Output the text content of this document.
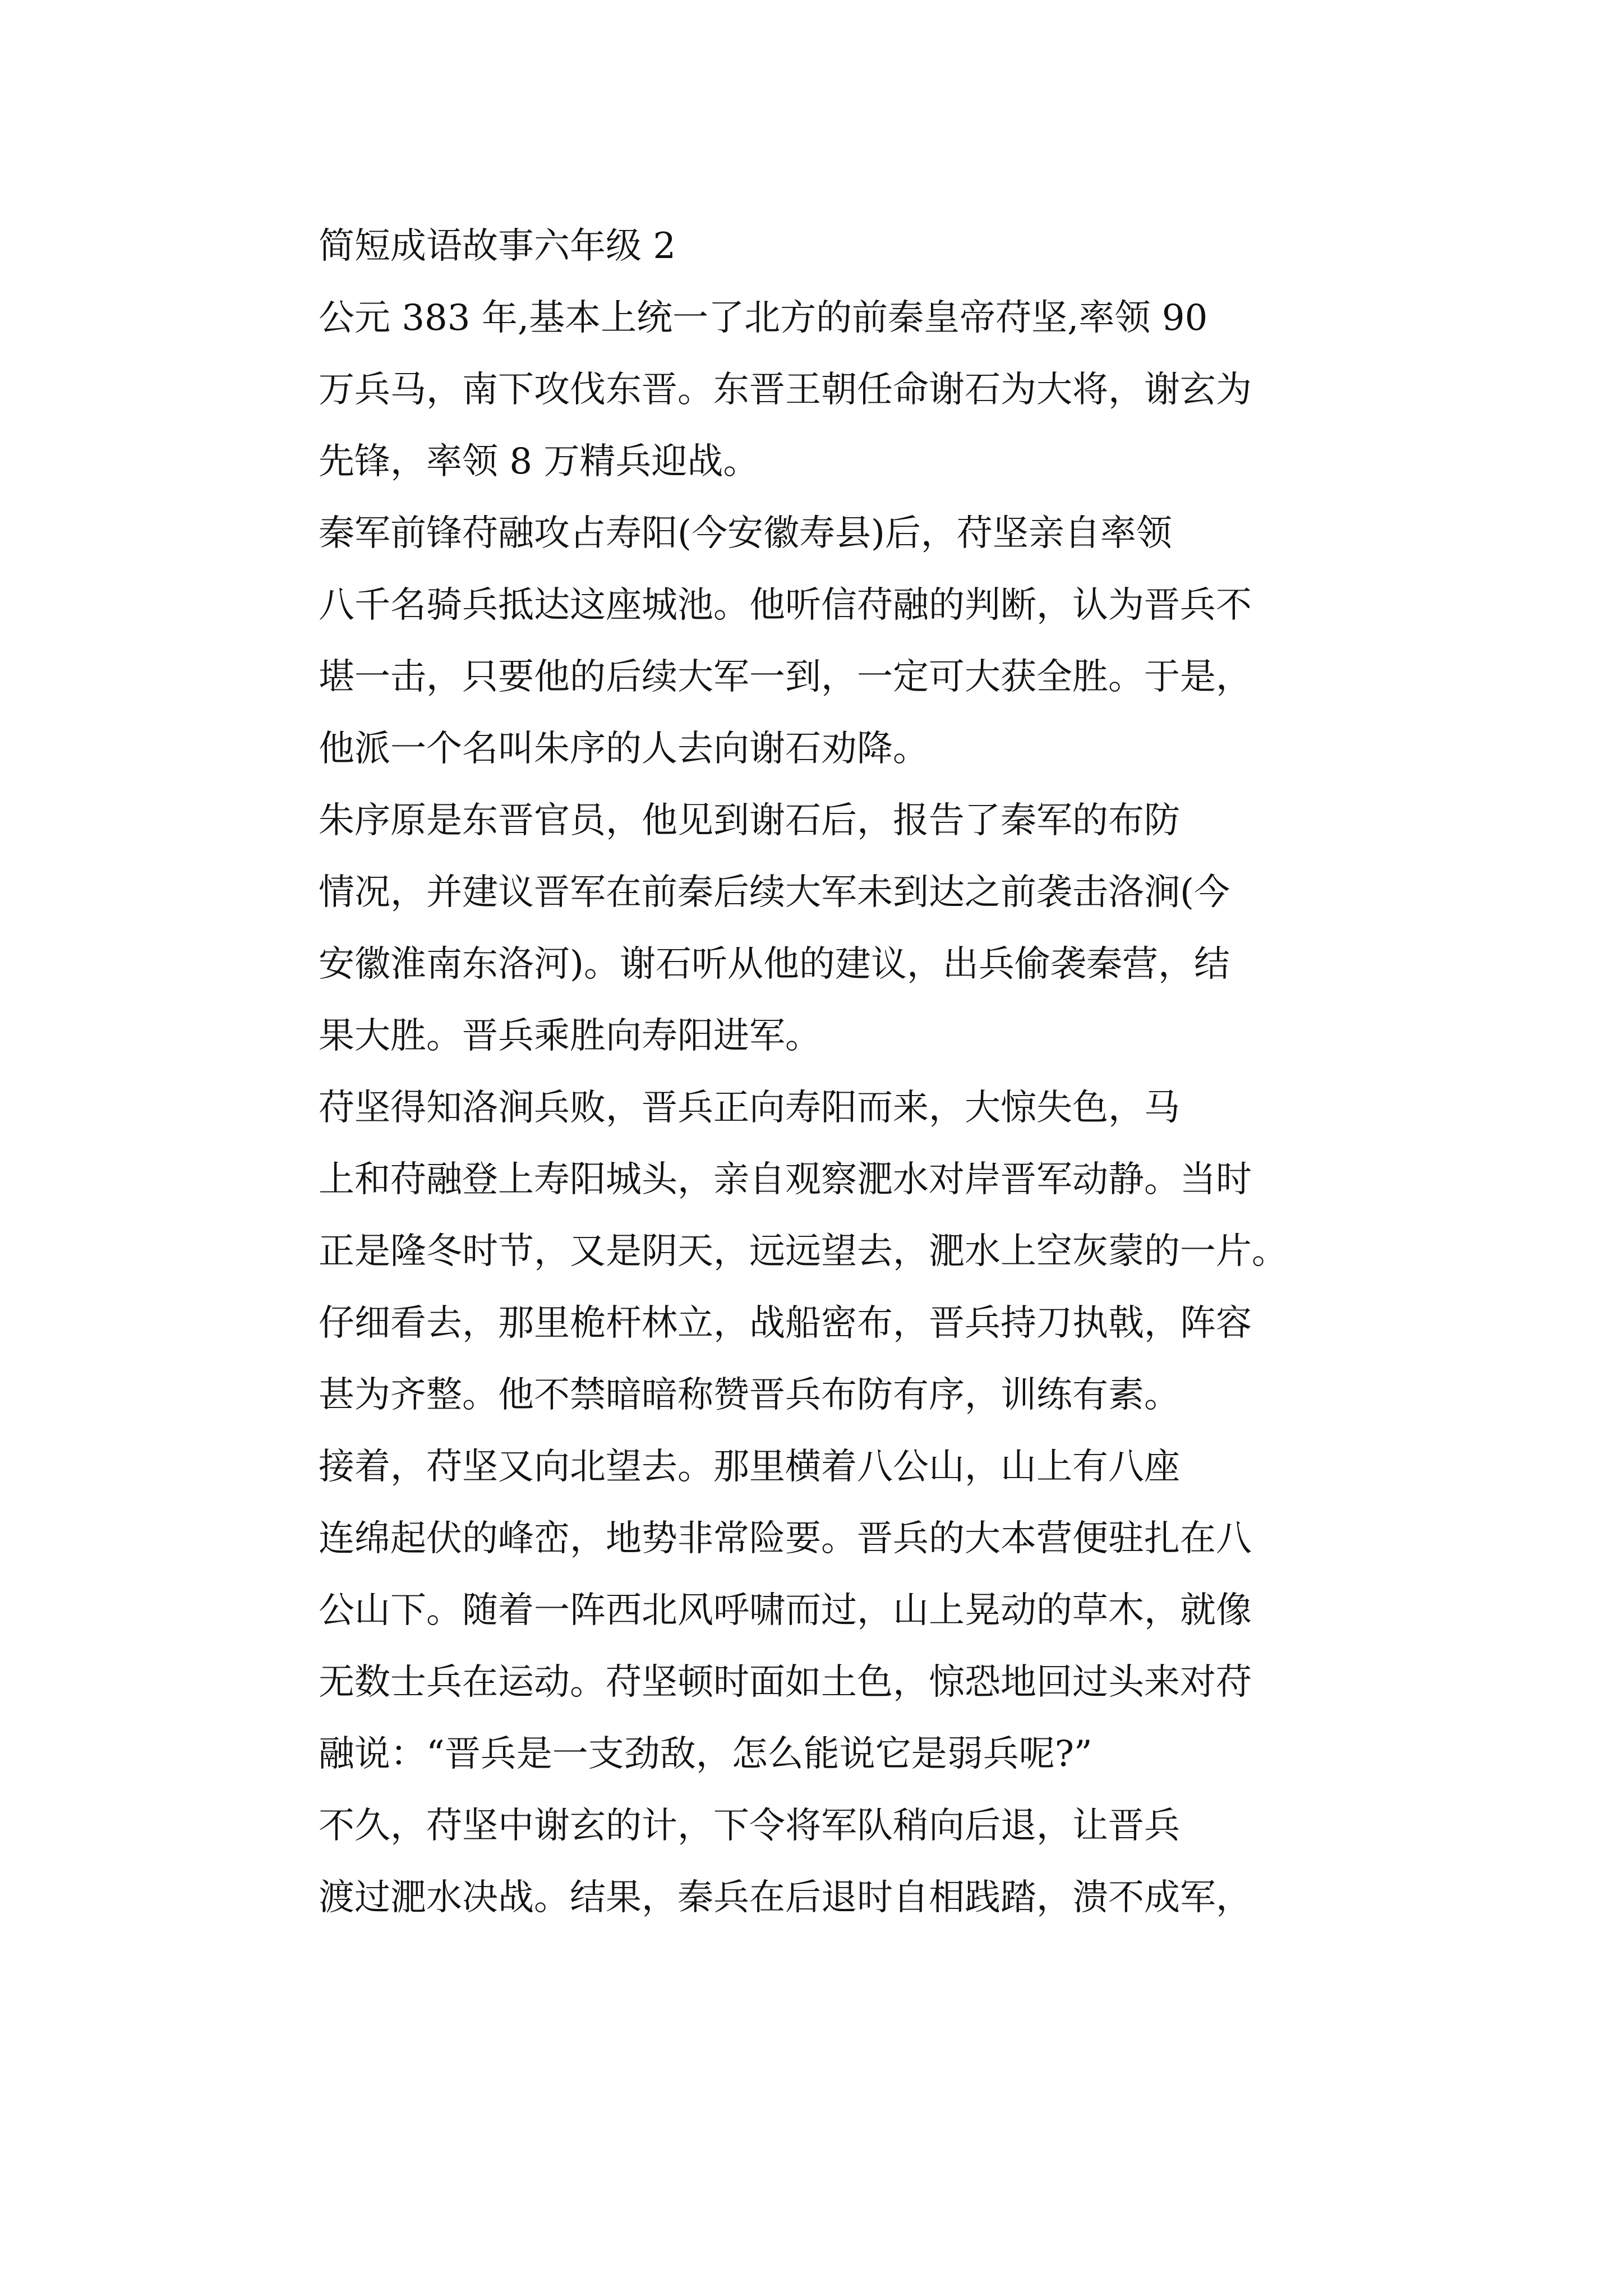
简短成语故事六年级 2

公元 383 年,基本上统一了北方的前秦皇帝苻坚,率领 90
万兵马，南下攻伐东晋。东晋王朝任命谢石为大将，谢玄为
先锋，率领 8 万精兵迎战。

秦军前锋苻融攻占寿阳(今安徽寿县)后，苻坚亲自率领
八千名骑兵抵达这座城池。他听信苻融的判断，认为晋兵不
堪一击，只要他的后续大军一到，一定可大获全胜。于是，
他派一个名叫朱序的人去向谢石劝降。

朱序原是东晋官员，他见到谢石后，报告了秦军的布防
情况，并建议晋军在前秦后续大军未到达之前袭击洛涧(今
安徽淮南东洛河)。谢石听从他的建议，出兵偷袭秦营，结
果大胜。晋兵乘胜向寿阳进军。

苻坚得知洛涧兵败，晋兵正向寿阳而来，大惊失色，马
上和苻融登上寿阳城头，亲自观察淝水对岸晋军动静。当时
正是隆冬时节，又是阴天，远远望去，淝水上空灰蒙的一片。
仔细看去，那里桅杆林立，战船密布，晋兵持刀执戟，阵容
甚为齐整。他不禁暗暗称赞晋兵布防有序，训练有素。

接着，苻坚又向北望去。那里横着八公山，山上有八座
连绵起伏的峰峦，地势非常险要。晋兵的大本营便驻扎在八
公山下。随着一阵西北风呼啸而过，山上晃动的草木，就像
无数士兵在运动。苻坚顿时面如土色，惊恐地回过头来对苻
融说：“晋兵是一支劲敌，怎么能说它是弱兵呢?”

不久，苻坚中谢玄的计，下令将军队稍向后退，让晋兵
渡过淝水决战。结果，秦兵在后退时自相践踏，溃不成军，
